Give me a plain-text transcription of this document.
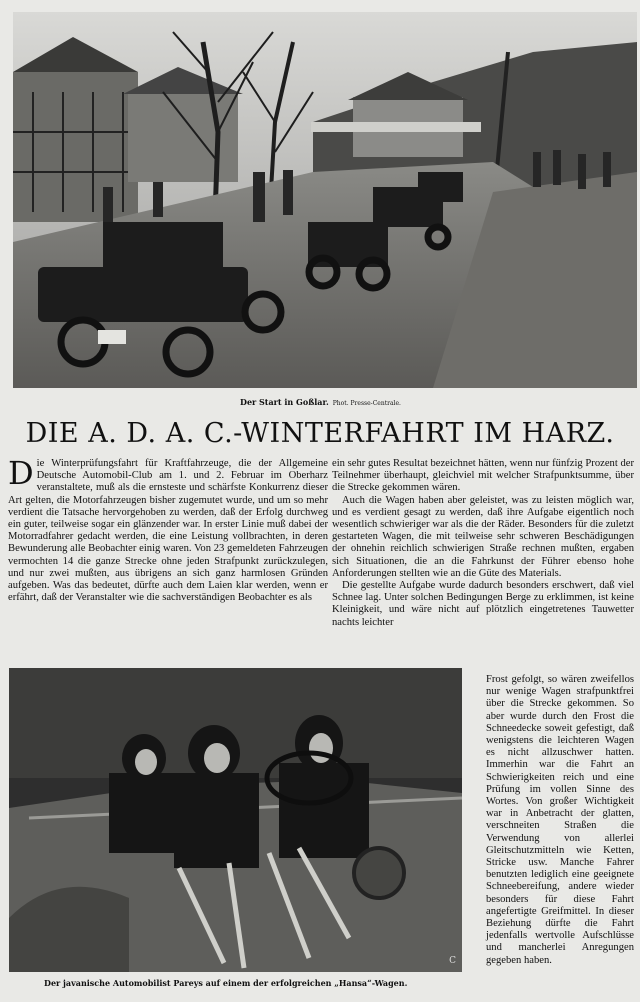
Der Start in Goßlar. Phot. Presse-Centrale.
DIE A. D. A. C.-WINTERFAHRT IM HARZ.

Die Winterprüfungsfahrt für Kraftfahrzeuge, die der Allgemeine Deutsche Automobil-Club am 1. und 2. Februar im Oberharz veranstaltete, muß als die ernsteste und schärfste Konkurrenz dieser Art gelten, die Motorfahrzeugen bisher zugemutet wurde, und um so mehr verdient die Tatsache hervorgehoben zu werden, daß der Erfolg durchweg ein guter, teilweise sogar ein glänzender war. In erster Linie muß dabei der Motorradfahrer gedacht werden, die eine Leistung vollbrachten, in deren Bewunderung alle Beobachter einig waren. Von 23 gemeldeten Fahrzeugen vermochten 14 die ganze Strecke ohne jeden Strafpunkt zurückzulegen, und nur zwei mußten, aus übrigens an sich ganz harmlosen Gründen aufgeben. Was das bedeutet, dürfte auch dem Laien klar werden, wenn er erfährt, daß der Veranstalter wie die sachverständigen Beobachter es als

ein sehr gutes Resultat bezeichnet hätten, wenn nur fünfzig Prozent der Teilnehmer überhaupt, gleichviel mit welcher Strafpunktsumme, über die Strecke gekommen wären.

Auch die Wagen haben aber geleistet, was zu leisten möglich war, und es verdient gesagt zu werden, daß ihre Aufgabe eigentlich noch wesentlich schwieriger war als die der Räder. Besonders für die zuletzt gestarteten Wagen, die mit teilweise sehr schweren Beschädigungen der ohnehin reichlich schwierigen Straße rechnen mußten, ergaben sich Situationen, die an die Fahrkunst der Führer ebenso hohe Anforderungen stellten wie an die Güte des Materials.

Die gestellte Aufgabe wurde dadurch besonders erschwert, daß viel Schnee lag. Unter solchen Bedingungen Berge zu erklimmen, ist keine Kleinigkeit, und wäre nicht auf plötzlich eingetretenes Tauwetter nachts leichter

Frost gefolgt, so wären zweifellos nur wenige Wagen strafpunktfrei über die Strecke gekommen. So aber wurde durch den Frost die Schneedecke soweit gefestigt, daß wenigstens die leichteren Wagen es nicht allzuschwer hatten. Immerhin war die Fahrt an Schwierigkeiten reich und eine Prüfung im vollen Sinne des Wortes. Von großer Wichtigkeit war in Anbetracht der glatten, verschneiten Straßen die Verwendung von allerlei Gleitschutzmitteln wie Ketten, Stricke usw. Manche Fahrer benutzten lediglich eine geeignete Schneebereifung, andere wieder besonders für diese Fahrt angefertigte Greifmittel. In dieser Beziehung dürfte die Fahrt jedenfalls wertvolle Aufschlüsse und mancherlei Anregungen gegeben haben.

C
Der javanische Automobilist Pareys auf einem der erfolgreichen „Hansa“-Wagen.
